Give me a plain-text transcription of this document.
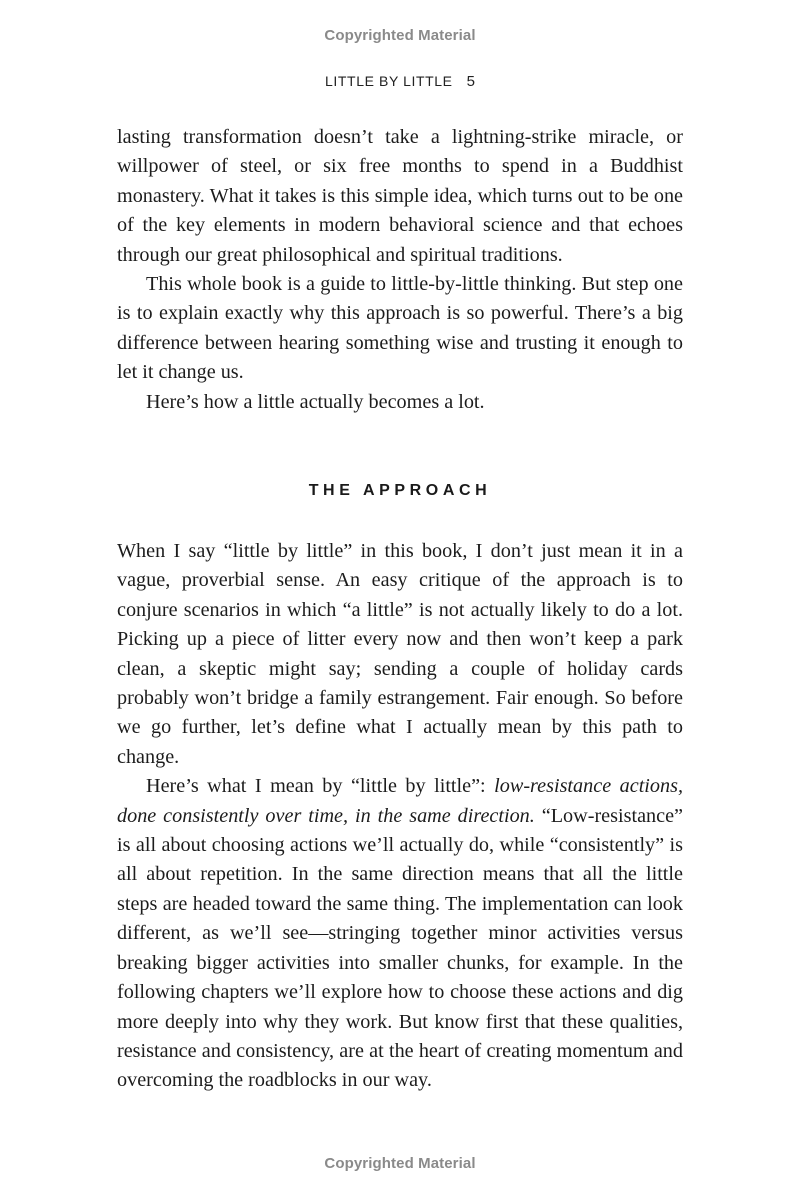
Copyrighted Material
LITTLE BY LITTLE 5

lasting transformation doesn’t take a lightning-strike miracle, or willpower of steel, or six free months to spend in a Buddhist monastery. What it takes is this simple idea, which turns out to be one of the key elements in modern behavioral science and that echoes through our great philosophical and spiritual traditions.

This whole book is a guide to little-by-little thinking. But step one is to explain exactly why this approach is so powerful. There’s a big difference between hearing something wise and trusting it enough to let it change us.

Here’s how a little actually becomes a lot.

THE APPROACH

When I say “little by little” in this book, I don’t just mean it in a vague, proverbial sense. An easy critique of the approach is to conjure scenarios in which “a little” is not actually likely to do a lot. Picking up a piece of litter every now and then won’t keep a park clean, a skeptic might say; sending a couple of holiday cards probably won’t bridge a family estrangement. Fair enough. So before we go further, let’s define what I actually mean by this path to change.

Here’s what I mean by “little by little”: low-resistance actions, done consistently over time, in the same direction. “Low-resistance” is all about choosing actions we’ll actually do, while “consistently” is all about repetition. In the same direction means that all the little steps are headed toward the same thing. The implementation can look different, as we’ll see—stringing together minor activities versus breaking bigger activities into smaller chunks, for example. In the following chapters we’ll explore how to choose these actions and dig more deeply into why they work. But know first that these qualities, resistance and consistency, are at the heart of creating momentum and overcoming the roadblocks in our way.

Copyrighted Material
